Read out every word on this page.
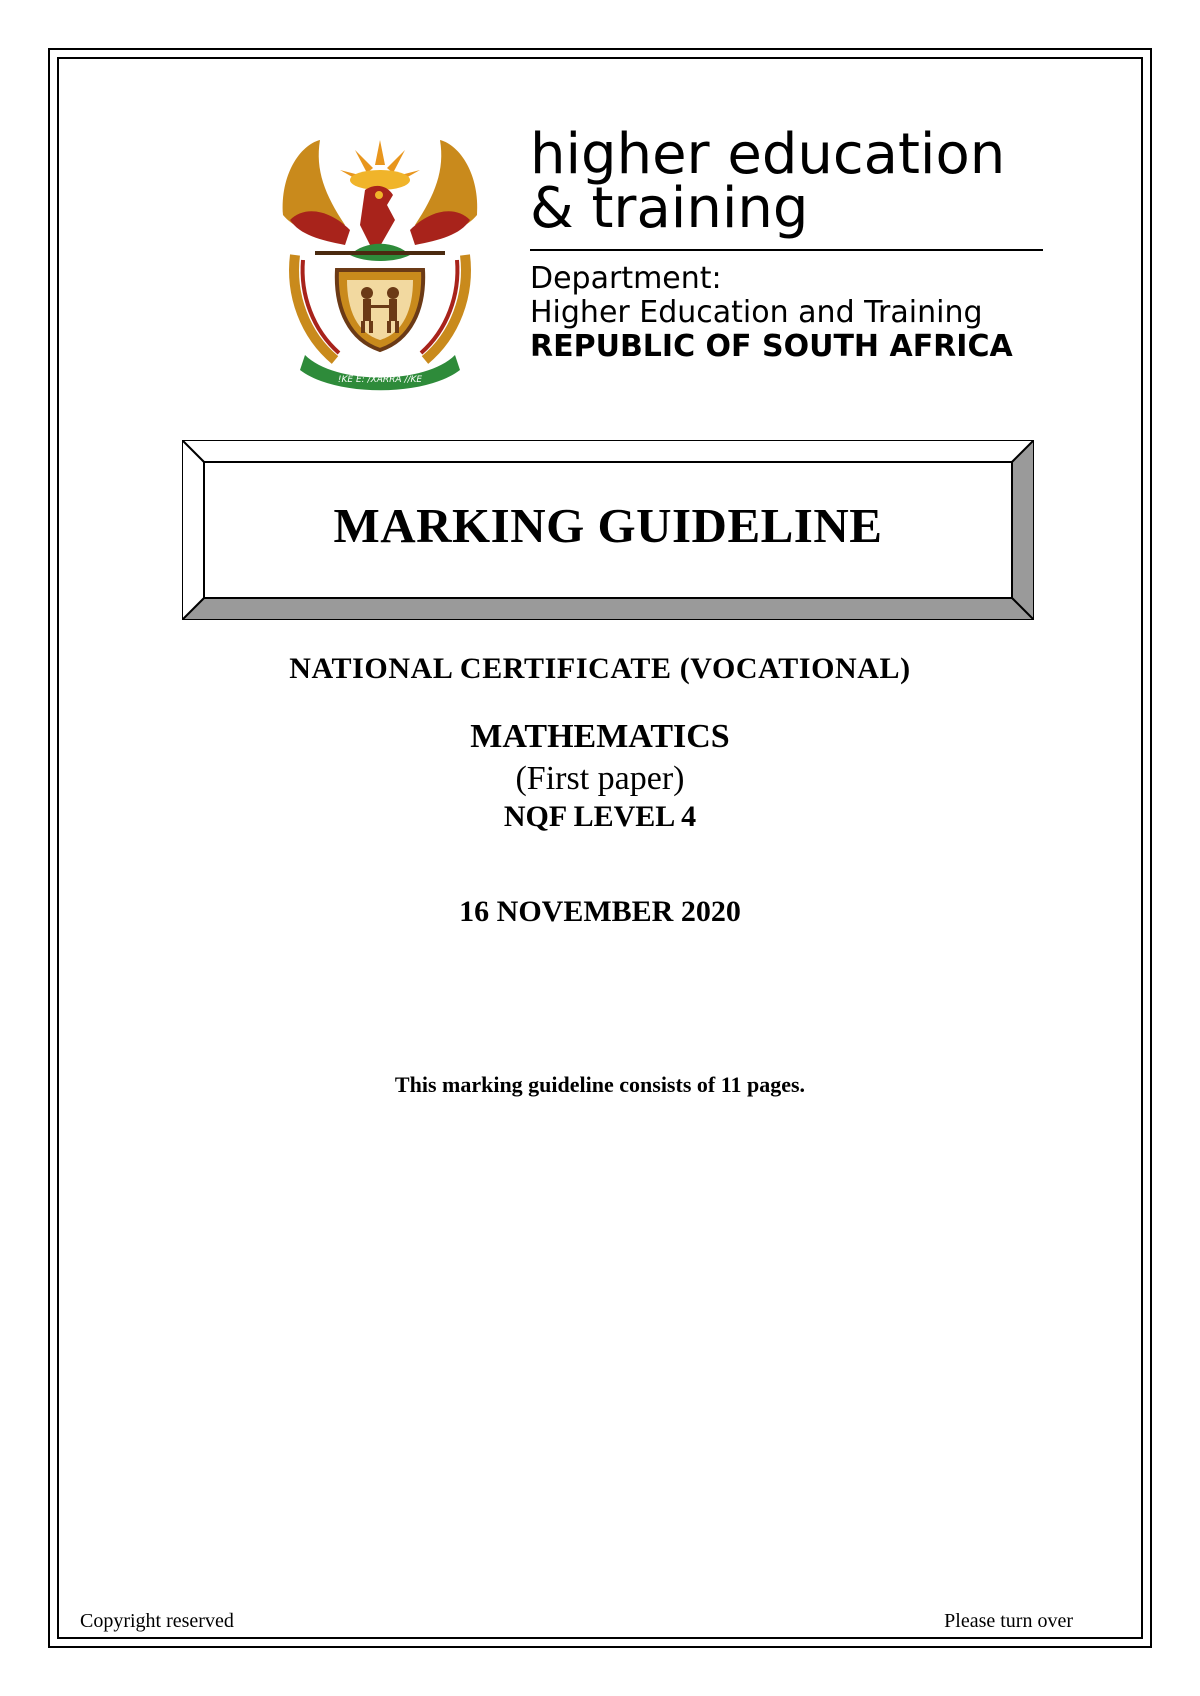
!KE E: /XARRA //KE
higher education
& training
Department:
Higher Education and Training
REPUBLIC OF SOUTH AFRICA
MARKING GUIDELINE
NATIONAL CERTIFICATE (VOCATIONAL)
MATHEMATICS
(First paper)
NQF LEVEL 4
16 NOVEMBER 2020
This marking guideline consists of 11 pages.
Copyright reserved	Please turn over
